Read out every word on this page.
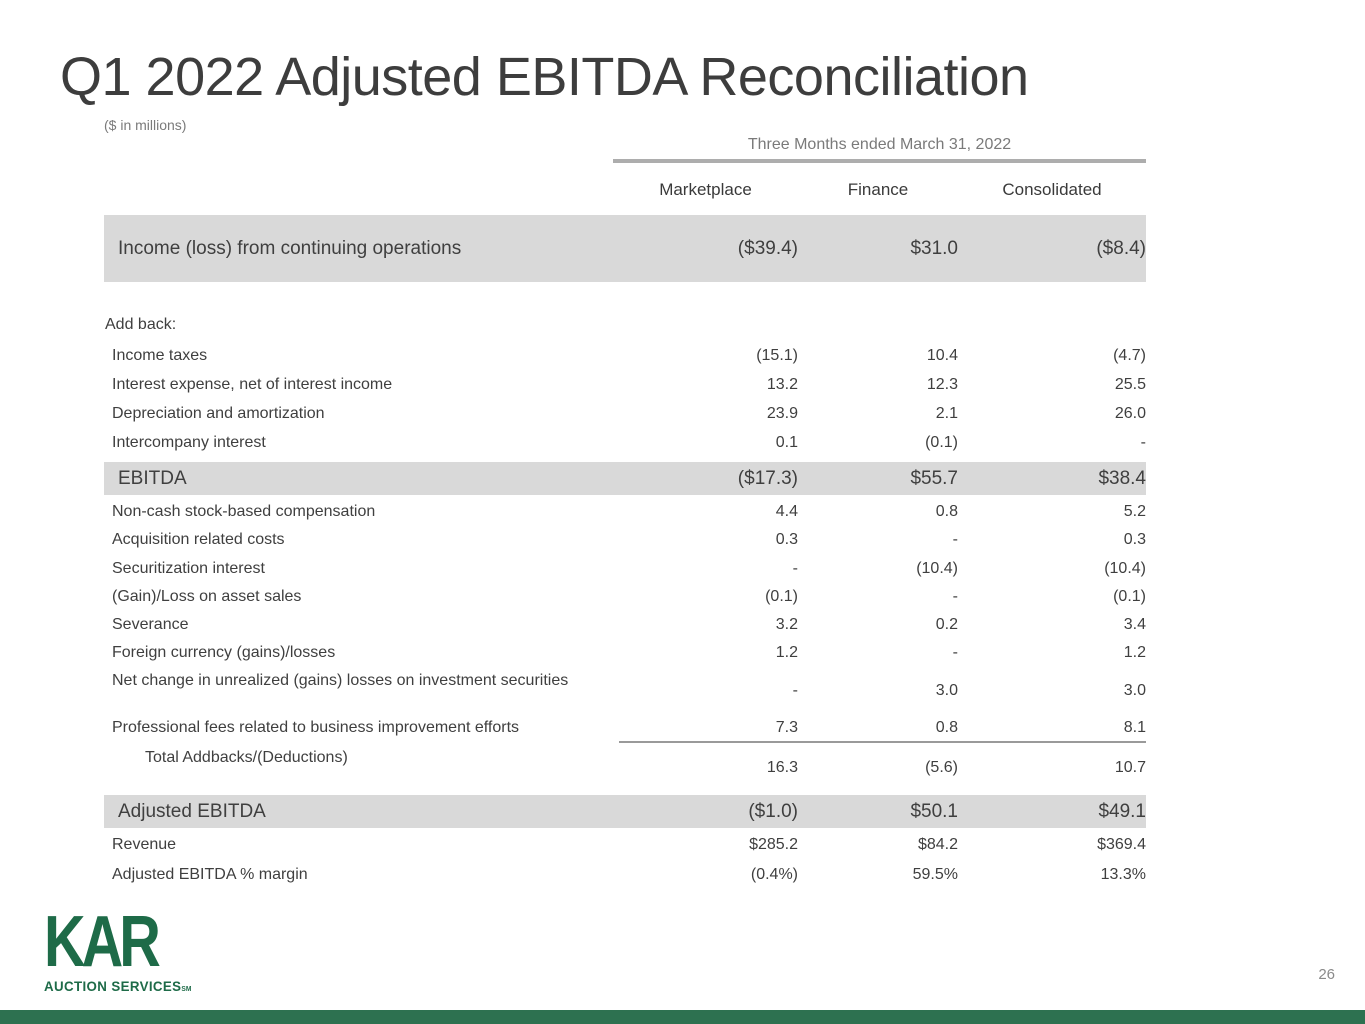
Q1 2022 Adjusted EBITDA Reconciliation
($ in millions)
Three Months ended March 31, 2022
Marketplace	Finance	Consolidated
Income (loss) from continuing operations	($39.4)	$31.0	($8.4)
Add back:
Income taxes	(15.1)	10.4	(4.7)
Interest expense, net of interest income	13.2	12.3	25.5
Depreciation and amortization	23.9	2.1	26.0
Intercompany interest	0.1	(0.1)	-
EBITDA	($17.3)	$55.7	$38.4
Non-cash stock-based compensation	4.4	0.8	5.2
Acquisition related costs	0.3	-	0.3
Securitization interest	-	(10.4)	(10.4)
(Gain)/Loss on asset sales	(0.1)	-	(0.1)
Severance	3.2	0.2	3.4
Foreign currency (gains)/losses	1.2	-	1.2
Net change in unrealized (gains) losses on investment securities
-	3.0	3.0
Professional fees related to business improvement efforts	7.3	0.8	8.1
Total Addbacks/(Deductions)
16.3	(5.6)	10.7
Adjusted EBITDA	($1.0)	$50.1	$49.1
Revenue	$285.2	$84.2	$369.4
Adjusted EBITDA % margin	(0.4%)	59.5%	13.3%
KAR
AUCTION SERVICESSM
26
